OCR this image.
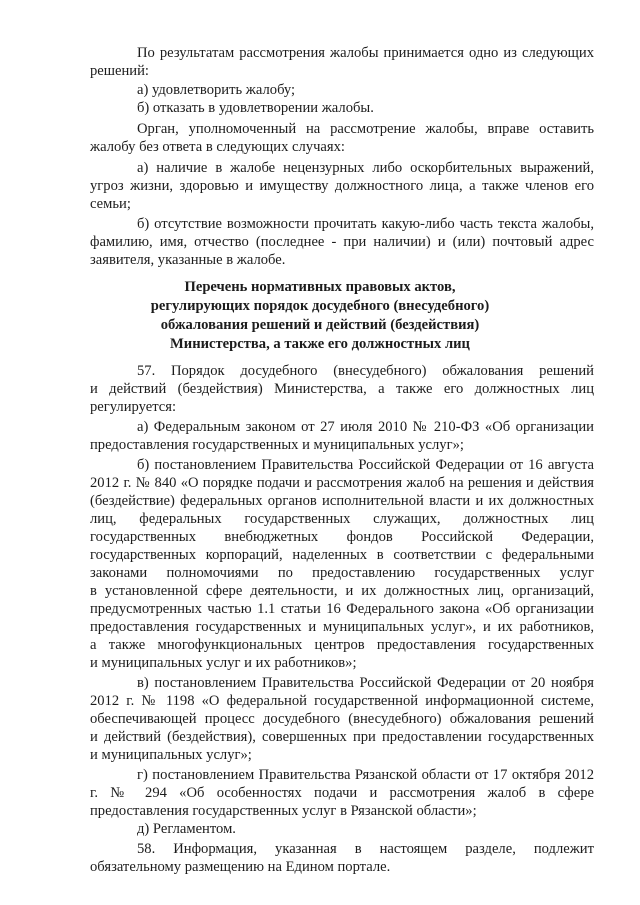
По результатам рассмотрения жалобы принимается одно из следующих
решений:
а) удовлетворить жалобу;
б) отказать в удовлетворении жалобы.
Орган, уполномоченный на рассмотрение жалобы, вправе оставить
жалобу без ответа в следующих случаях:
а) наличие в жалобе нецензурных либо оскорбительных выражений,
угроз жизни, здоровью и имуществу должностного лица, а также членов его
семьи;
б) отсутствие возможности прочитать какую-либо часть текста жалобы,
фамилию, имя, отчество (последнее - при наличии) и (или) почтовый адрес
заявителя, указанные в жалобе.
Перечень нормативных правовых актов,
регулирующих порядок досудебного (внесудебного)
обжалования решений и действий (бездействия)
Министерства, а также его должностных лиц
57. Порядок досудебного (внесудебного) обжалования решений
и действий (бездействия) Министерства, а также его должностных лиц
регулируется:
а) Федеральным законом от 27 июля 2010 № 210-ФЗ «Об организации
предоставления государственных и муниципальных услуг»;
б) постановлением Правительства Российской Федерации от 16 августа
2012 г. № 840 «О порядке подачи и рассмотрения жалоб на решения и действия
(бездействие) федеральных органов исполнительной власти и их должностных
лиц, федеральных государственных служащих, должностных лиц
государственных внебюджетных фондов Российской Федерации,
государственных корпораций, наделенных в соответствии с федеральными
законами полномочиями по предоставлению государственных услуг
в установленной сфере деятельности, и их должностных лиц, организаций,
предусмотренных частью 1.1 статьи 16 Федерального закона «Об организации
предоставления государственных и муниципальных услуг», и их работников,
а также многофункциональных центров предоставления государственных
и муниципальных услуг и их работников»;
в) постановлением Правительства Российской Федерации от 20 ноября
2012 г. № 1198 «О федеральной государственной информационной системе,
обеспечивающей процесс досудебного (внесудебного) обжалования решений
и действий (бездействия), совершенных при предоставлении государственных
и муниципальных услуг»;
г) постановлением Правительства Рязанской области от 17 октября 2012
г. № 294 «Об особенностях подачи и рассмотрения жалоб в сфере
предоставления государственных услуг в Рязанской области»;
д) Регламентом.
58. Информация, указанная в настоящем разделе, подлежит
обязательному размещению на Едином портале.
